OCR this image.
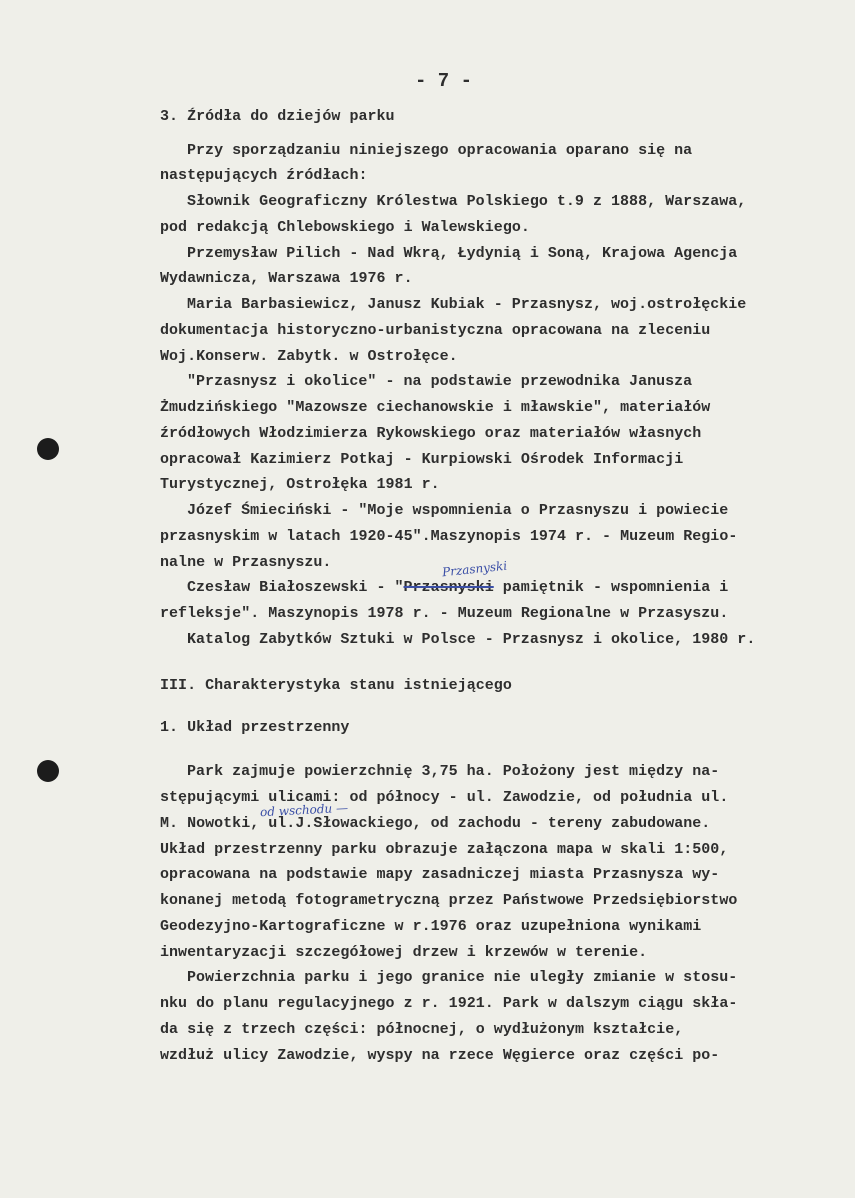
- 7 -
3. Źródła do dziejów parku
Przy sporządzaniu niniejszego opracowania oparano się na
następujących źródłach:
Słownik Geograficzny Królestwa Polskiego t.9 z 1888, Warszawa,
pod redakcją Chlebowskiego i Walewskiego.
Przemysław Pilich - Nad Wkrą, Łydynią i Soną, Krajowa Agencja
Wydawnicza, Warszawa 1976 r.
Maria Barbasiewicz, Janusz Kubiak - Przasnysz, woj.ostrołęckie
dokumentacja historyczno-urbanistyczna opracowana na zleceniu
Woj.Konserw. Zabytk. w Ostrołęce.
"Przasnysz i okolice" - na podstawie przewodnika Janusza
Żmudzińskiego "Mazowsze ciechanowskie i mławskie", materiałów
źródłowych Włodzimierza Rykowskiego oraz materiałów własnych
opracował Kazimierz Potkaj - Kurpiowski Ośrodek Informacji
Turystycznej, Ostrołęka 1981 r.
Józef Śmieciński - "Moje wspomnienia o Przasnyszu i powiecie
przasnyskim w latach 1920-45".Maszynopis 1974 r. - Muzeum Regio-
nalne w Przasnyszu.	Przasnyski
Czesław Białoszewski - "Przasnyski pamiętnik - wspomnienia i
refleksje". Maszynopis 1978 r. - Muzeum Regionalne w Przasyszu.
Katalog Zabytków Sztuki w Polsce - Przasnysz i okolice, 1980 r.
III. Charakterystyka stanu istniejącego
1. Układ przestrzenny
Park zajmuje powierzchnię 3,75 ha. Położony jest między na-
stępującymi ulicami: od północy - ul. Zawodzie, od południa ul.
od wschodu —
M. Nowotki, ul.J.Słowackiego, od zachodu - tereny zabudowane.
Układ przestrzenny parku obrazuje załączona mapa w skali 1:500,
opracowana na podstawie mapy zasadniczej miasta Przasnysza wy-
konanej metodą fotogrametryczną przez Państwowe Przedsiębiorstwo
Geodezyjno-Kartograficzne w r.1976 oraz uzupełniona wynikami
inwentaryzacji szczegółowej drzew i krzewów w terenie.
Powierzchnia parku i jego granice nie uległy zmianie w stosu-
nku do planu regulacyjnego z r. 1921. Park w dalszym ciągu skła-
da się z trzech części: północnej, o wydłużonym kształcie,
wzdłuż ulicy Zawodzie, wyspy na rzece Węgierce oraz części po-
